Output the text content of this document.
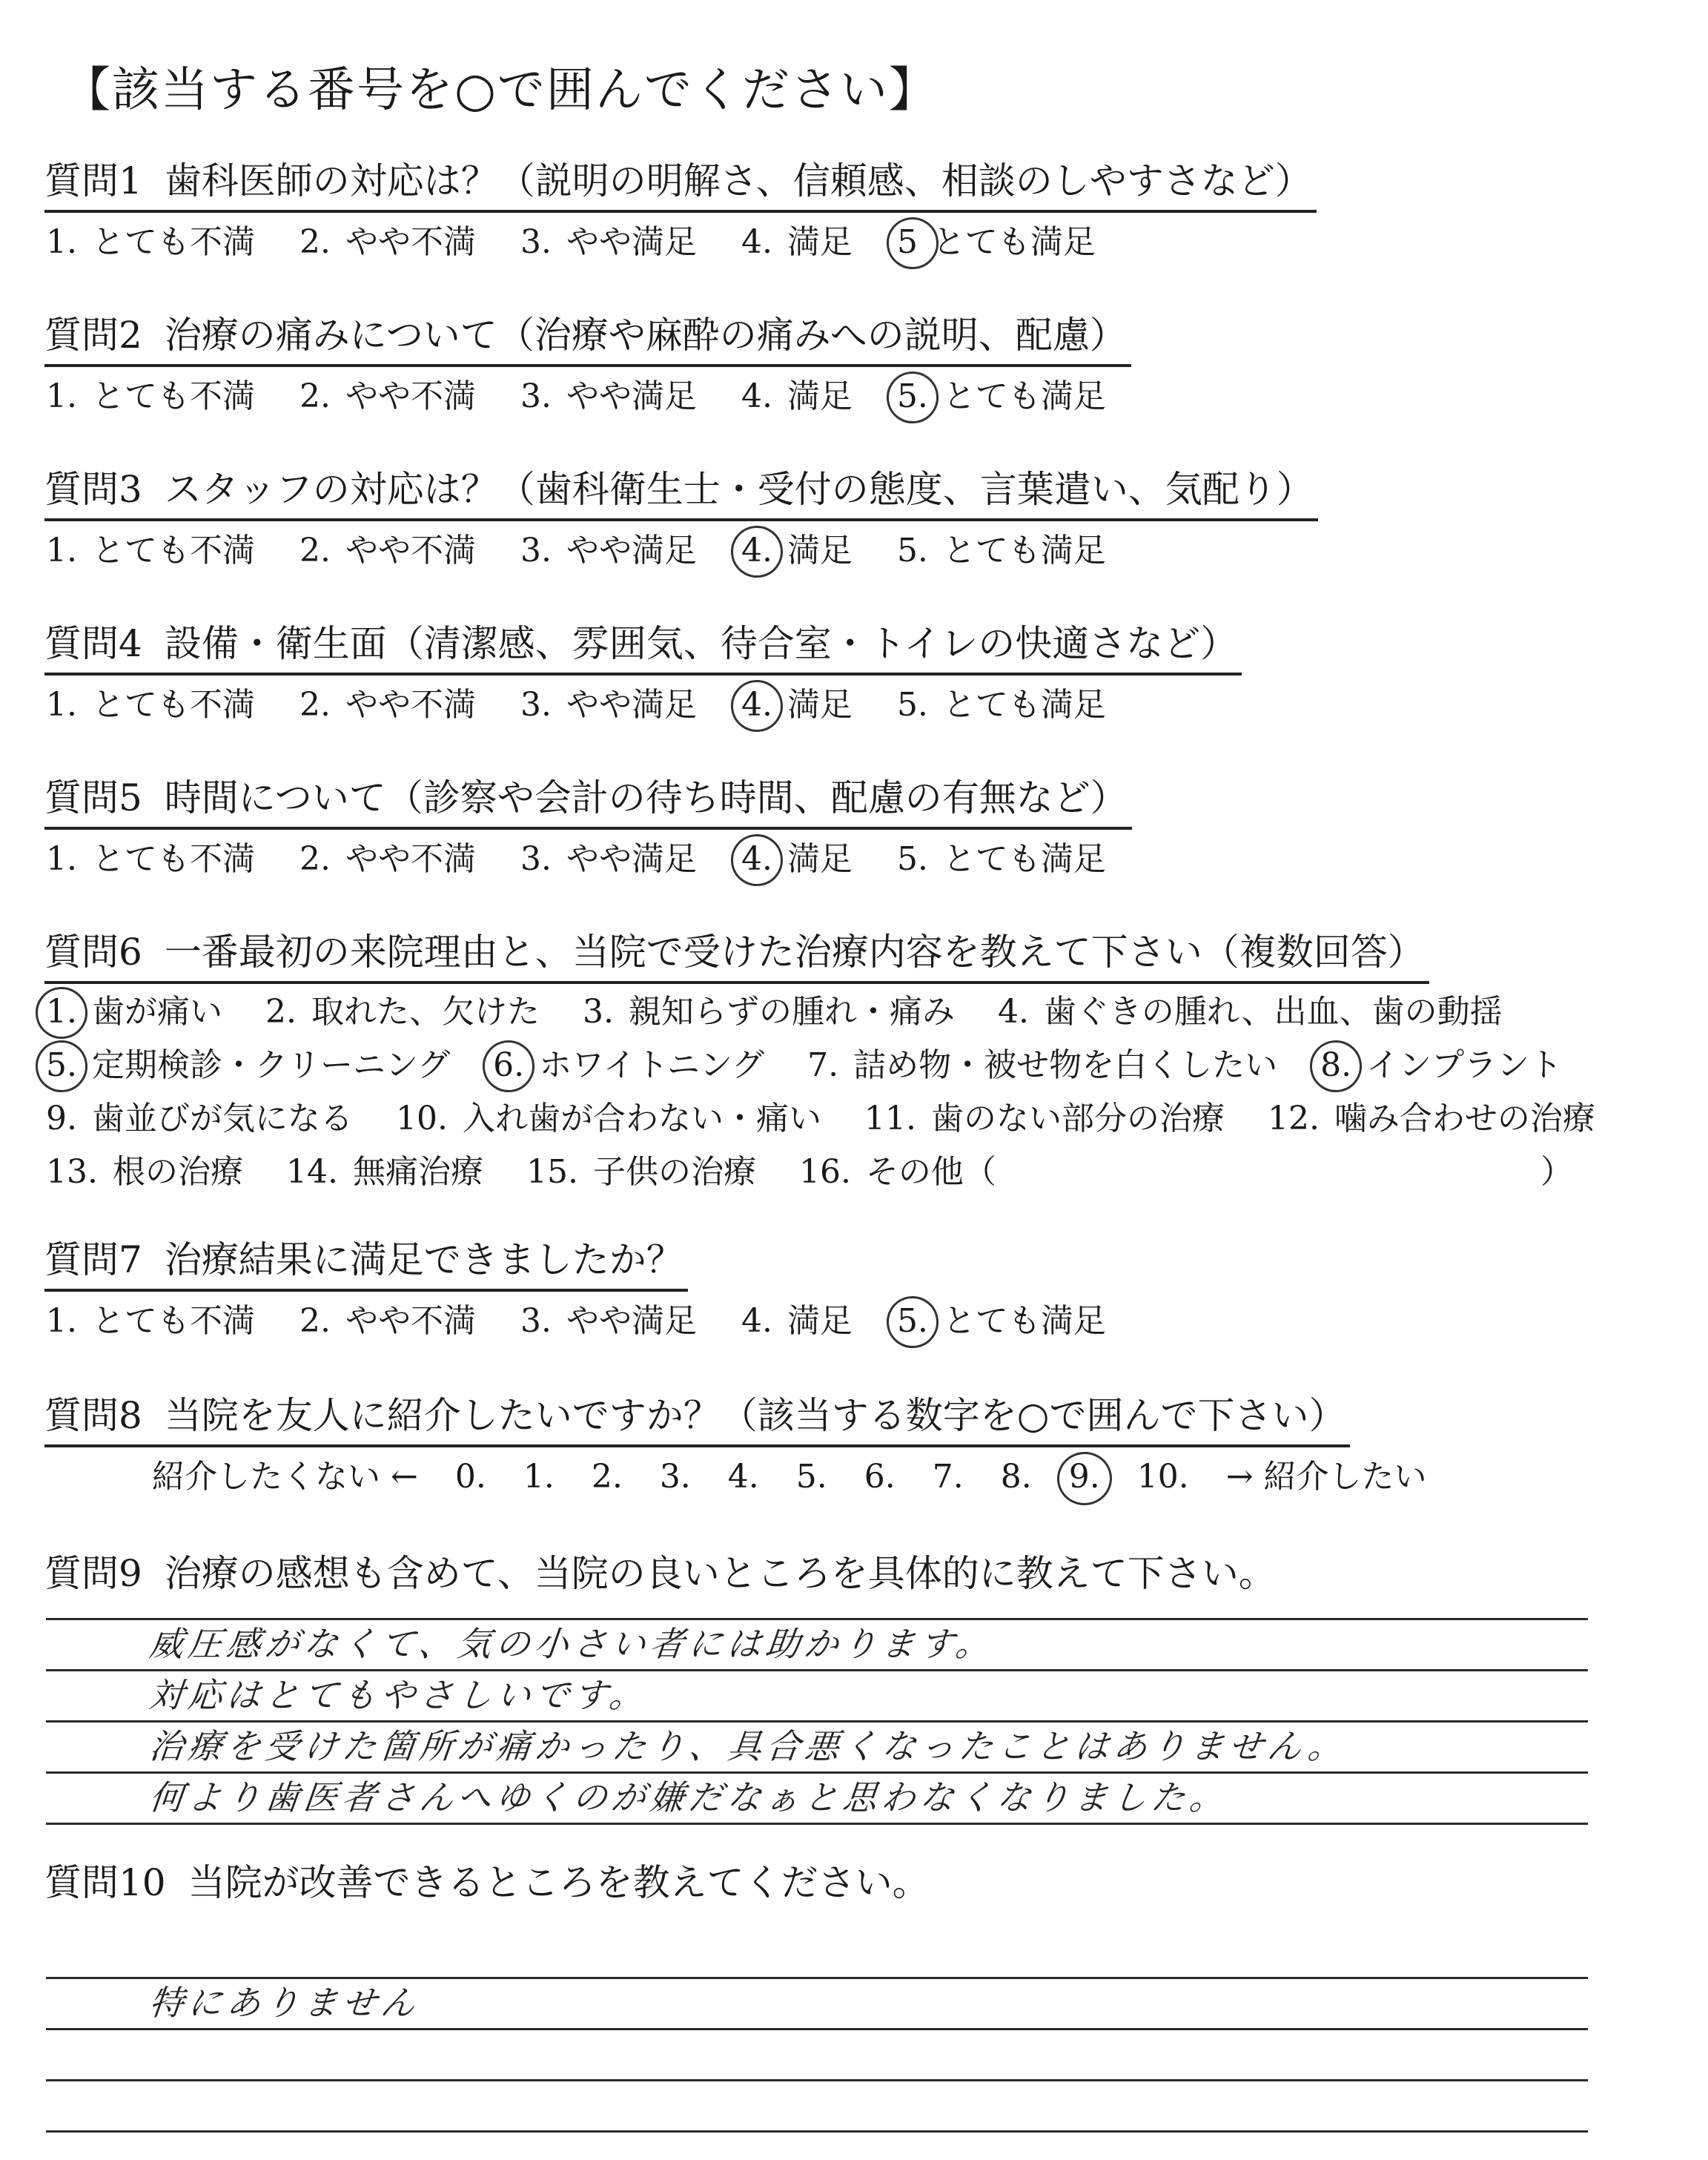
【該当する番号を○で囲んでください】
質問1 歯科医師の対応は？（説明の明解さ、信頼感、相談のしやすさなど）
1. とても不満 2. やや不満 3. やや満足 4. 満足 5 とても満足
質問2 治療の痛みについて（治療や麻酔の痛みへの説明、配慮）
1. とても不満 2. やや不満 3. やや満足 4. 満足 5. とても満足
質問3 スタッフの対応は？（歯科衛生士・受付の態度、言葉遣い、気配り）
1. とても不満 2. やや不満 3. やや満足 4. 満足 5. とても満足
質問4 設備・衛生面（清潔感、雰囲気、待合室・トイレの快適さなど）
1. とても不満 2. やや不満 3. やや満足 4. 満足 5. とても満足
質問5 時間について（診察や会計の待ち時間、配慮の有無など）
1. とても不満 2. やや不満 3. やや満足 4. 満足 5. とても満足
質問6 一番最初の来院理由と、当院で受けた治療内容を教えて下さい（複数回答）
1. 歯が痛い 2. 取れた、欠けた 3. 親知らずの腫れ・痛み 4. 歯ぐきの腫れ、出血、歯の動揺
5. 定期検診・クリーニング 6. ホワイトニング 7. 詰め物・被せ物を白くしたい 8. インプラント
9. 歯並びが気になる 10. 入れ歯が合わない・痛い 11. 歯のない部分の治療 12. 噛み合わせの治療
13. 根の治療 14. 無痛治療 15. 子供の治療 16. その他（	）
質問7 治療結果に満足できましたか？
1. とても不満 2. やや不満 3. やや満足 4. 満足 5. とても満足
質問8 当院を友人に紹介したいですか？（該当する数字を○で囲んで下さい）
紹介したくない ← 0. 1. 2. 3. 4. 5. 6. 7. 8. 9. 10. → 紹介したい
質問9 治療の感想も含めて、当院の良いところを具体的に教えて下さい。
威圧感がなくて、気の小さい者には助かります。
対応はとてもやさしいです。
治療を受けた箇所が痛かったり、具合悪くなったことはありません。
何より歯医者さんへゆくのが嫌だなぁと思わなくなりました。
質問10 当院が改善できるところを教えてください。
特にありません
